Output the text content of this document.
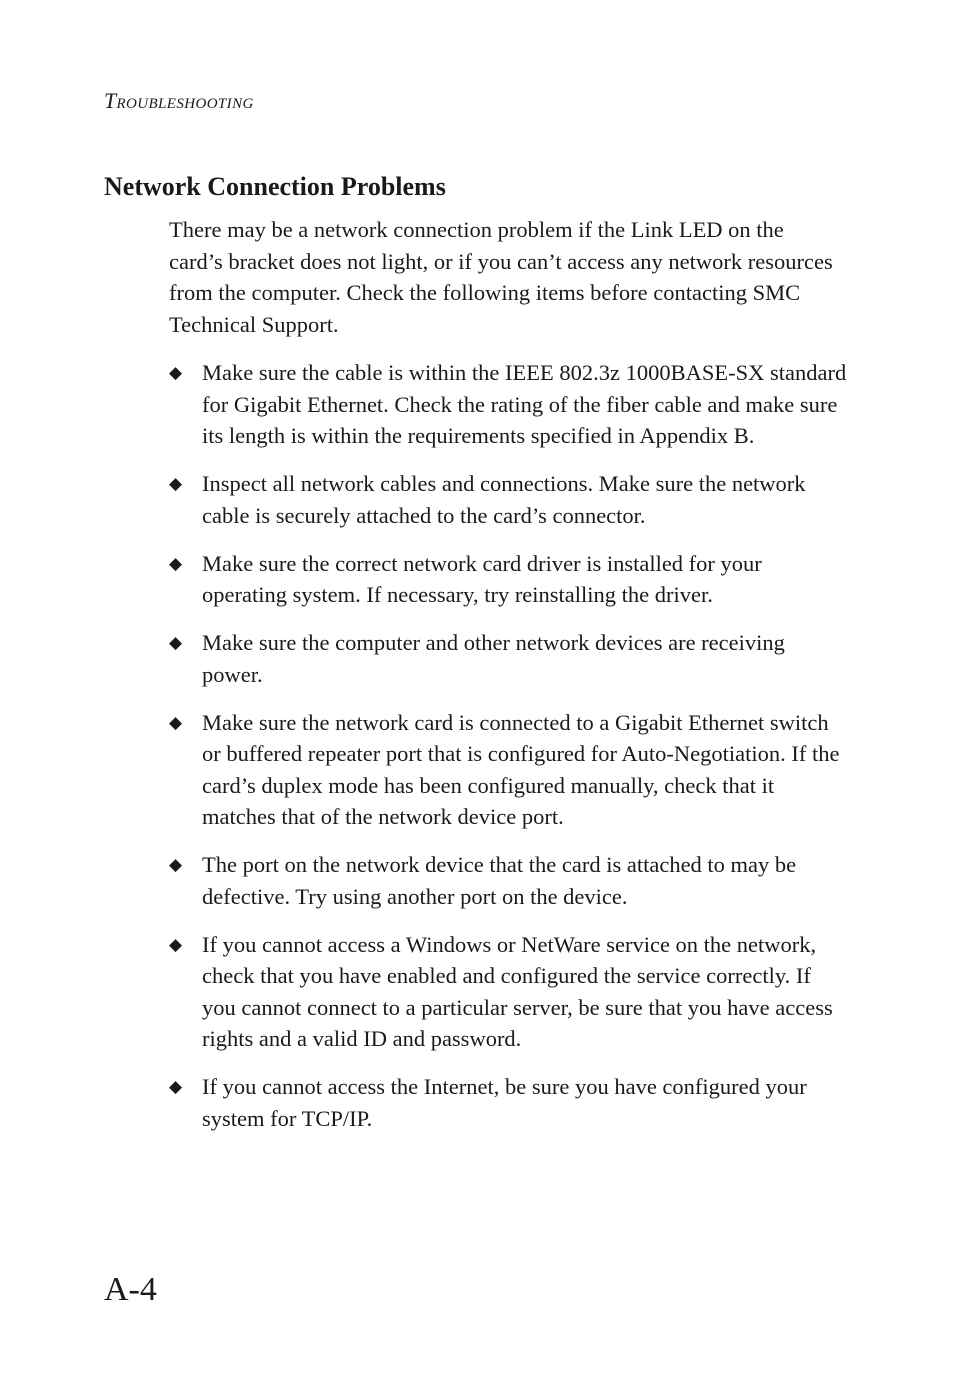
TROUBLESHOOTING
Network Connection Problems

There may be a network connection problem if the Link LED on the card’s bracket does not light, or if you can’t access any network resources from the computer. Check the following items before contacting SMC Technical Support.

◆ Make sure the cable is within the IEEE 802.3z 1000BASE-SX standard for Gigabit Ethernet. Check the rating of the fiber cable and make sure its length is within the requirements specified in Appendix B.
◆ Inspect all network cables and connections. Make sure the network cable is securely attached to the card’s connector.
◆ Make sure the correct network card driver is installed for your operating system. If necessary, try reinstalling the driver.
◆ Make sure the computer and other network devices are receiving power.
◆ Make sure the network card is connected to a Gigabit Ethernet switch or buffered repeater port that is configured for Auto-Negotiation. If the card’s duplex mode has been configured manually, check that it matches that of the network device port.
◆ The port on the network device that the card is attached to may be defective. Try using another port on the device.
◆ If you cannot access a Windows or NetWare service on the network, check that you have enabled and configured the service correctly. If you cannot connect to a particular server, be sure that you have access rights and a valid ID and password.
◆ If you cannot access the Internet, be sure you have configured your system for TCP/IP.
A-4
